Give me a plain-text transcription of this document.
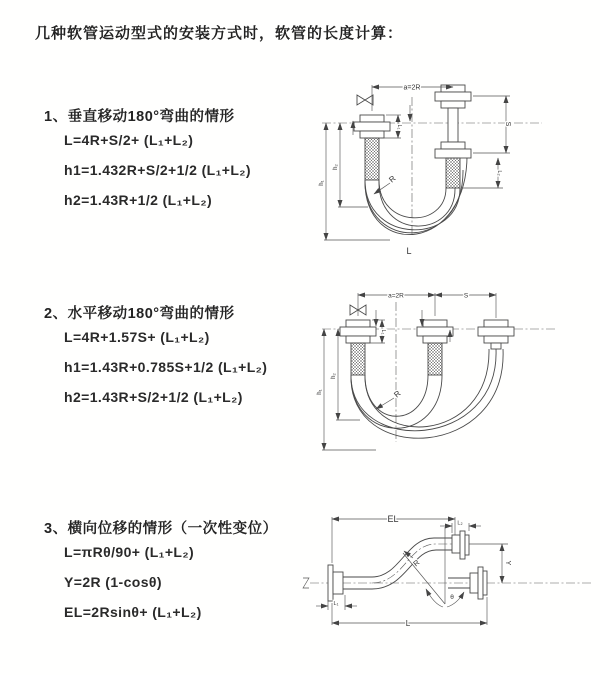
几种软管运动型式的安装方式时，软管的长度计算：
1、垂直移动180°弯曲的情形
L=4R+S/2+ (L₁+L₂)
h1=1.432R+S/2+1/2 (L₁+L₂)
h2=1.43R+1/2 (L₁+L₂)
2、水平移动180°弯曲的情形
L=4R+1.57S+ (L₁+L₂)
h1=1.43R+0.785S+1/2 (L₁+L₂)
h2=1.43R+S/2+1/2 (L₁+L₂)
3、横向位移的情形（一次性变位）
L=πRθ/90+ (L₁+L₂)
Y=2R (1-cosθ)
EL=2Rsinθ+ (L₁+L₂)
a=2R
S
L₂
L₁
h₂
h₁	R
L
a=2R	S
L₁
h₂
h₁	R
θ
EL	L₂
Y
R
L₁
L
